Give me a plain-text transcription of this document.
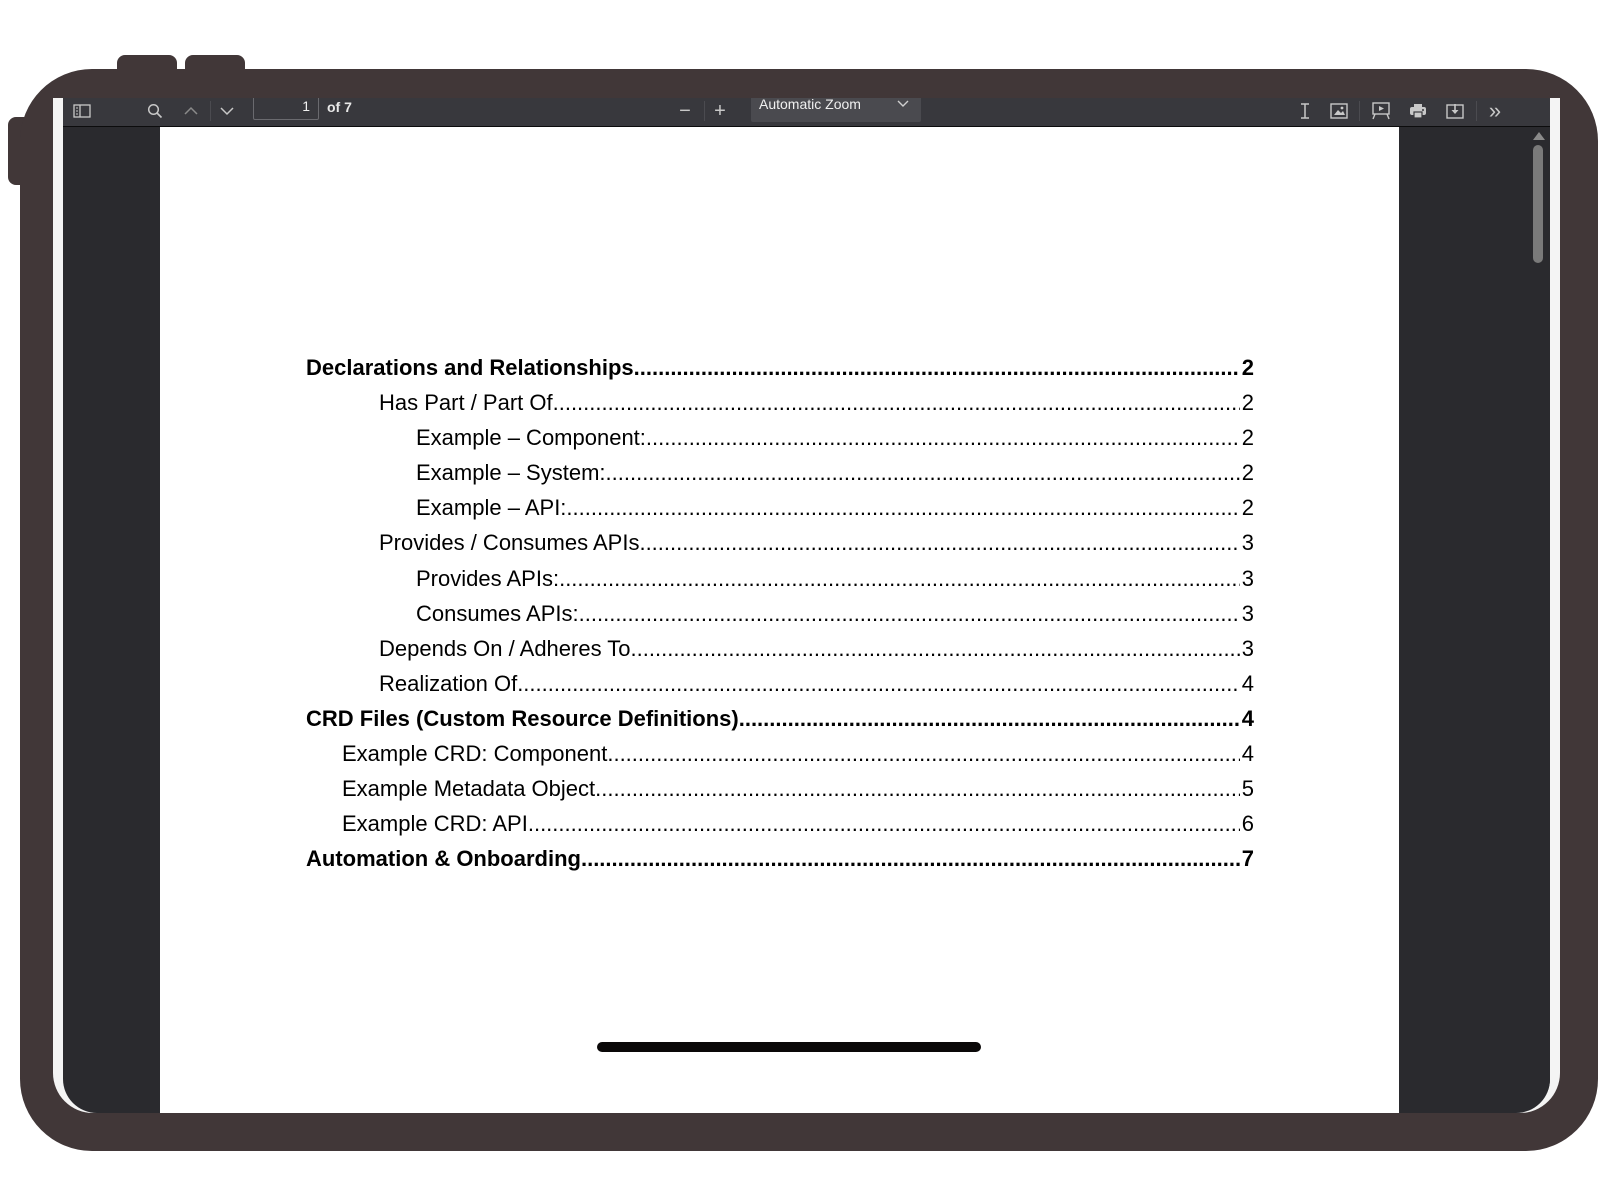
1	of 7	−	+	Automatic Zoom	»
Declarations and Relationships .....	2
Has Part / Part Of .....	2
Example – Component: .....	2
Example – System: .....	2
Example – API: .....	2
Provides / Consumes APIs .....	3
Provides APIs: .....	3
Consumes APIs: .....	3
Depends On / Adheres To .....	3
Realization Of .....	4
CRD Files (Custom Resource Definitions) .....	4
Example CRD: Component .....	4
Example Metadata Object .....	5
Example CRD: API .....	6
Automation & Onboarding .....	7
